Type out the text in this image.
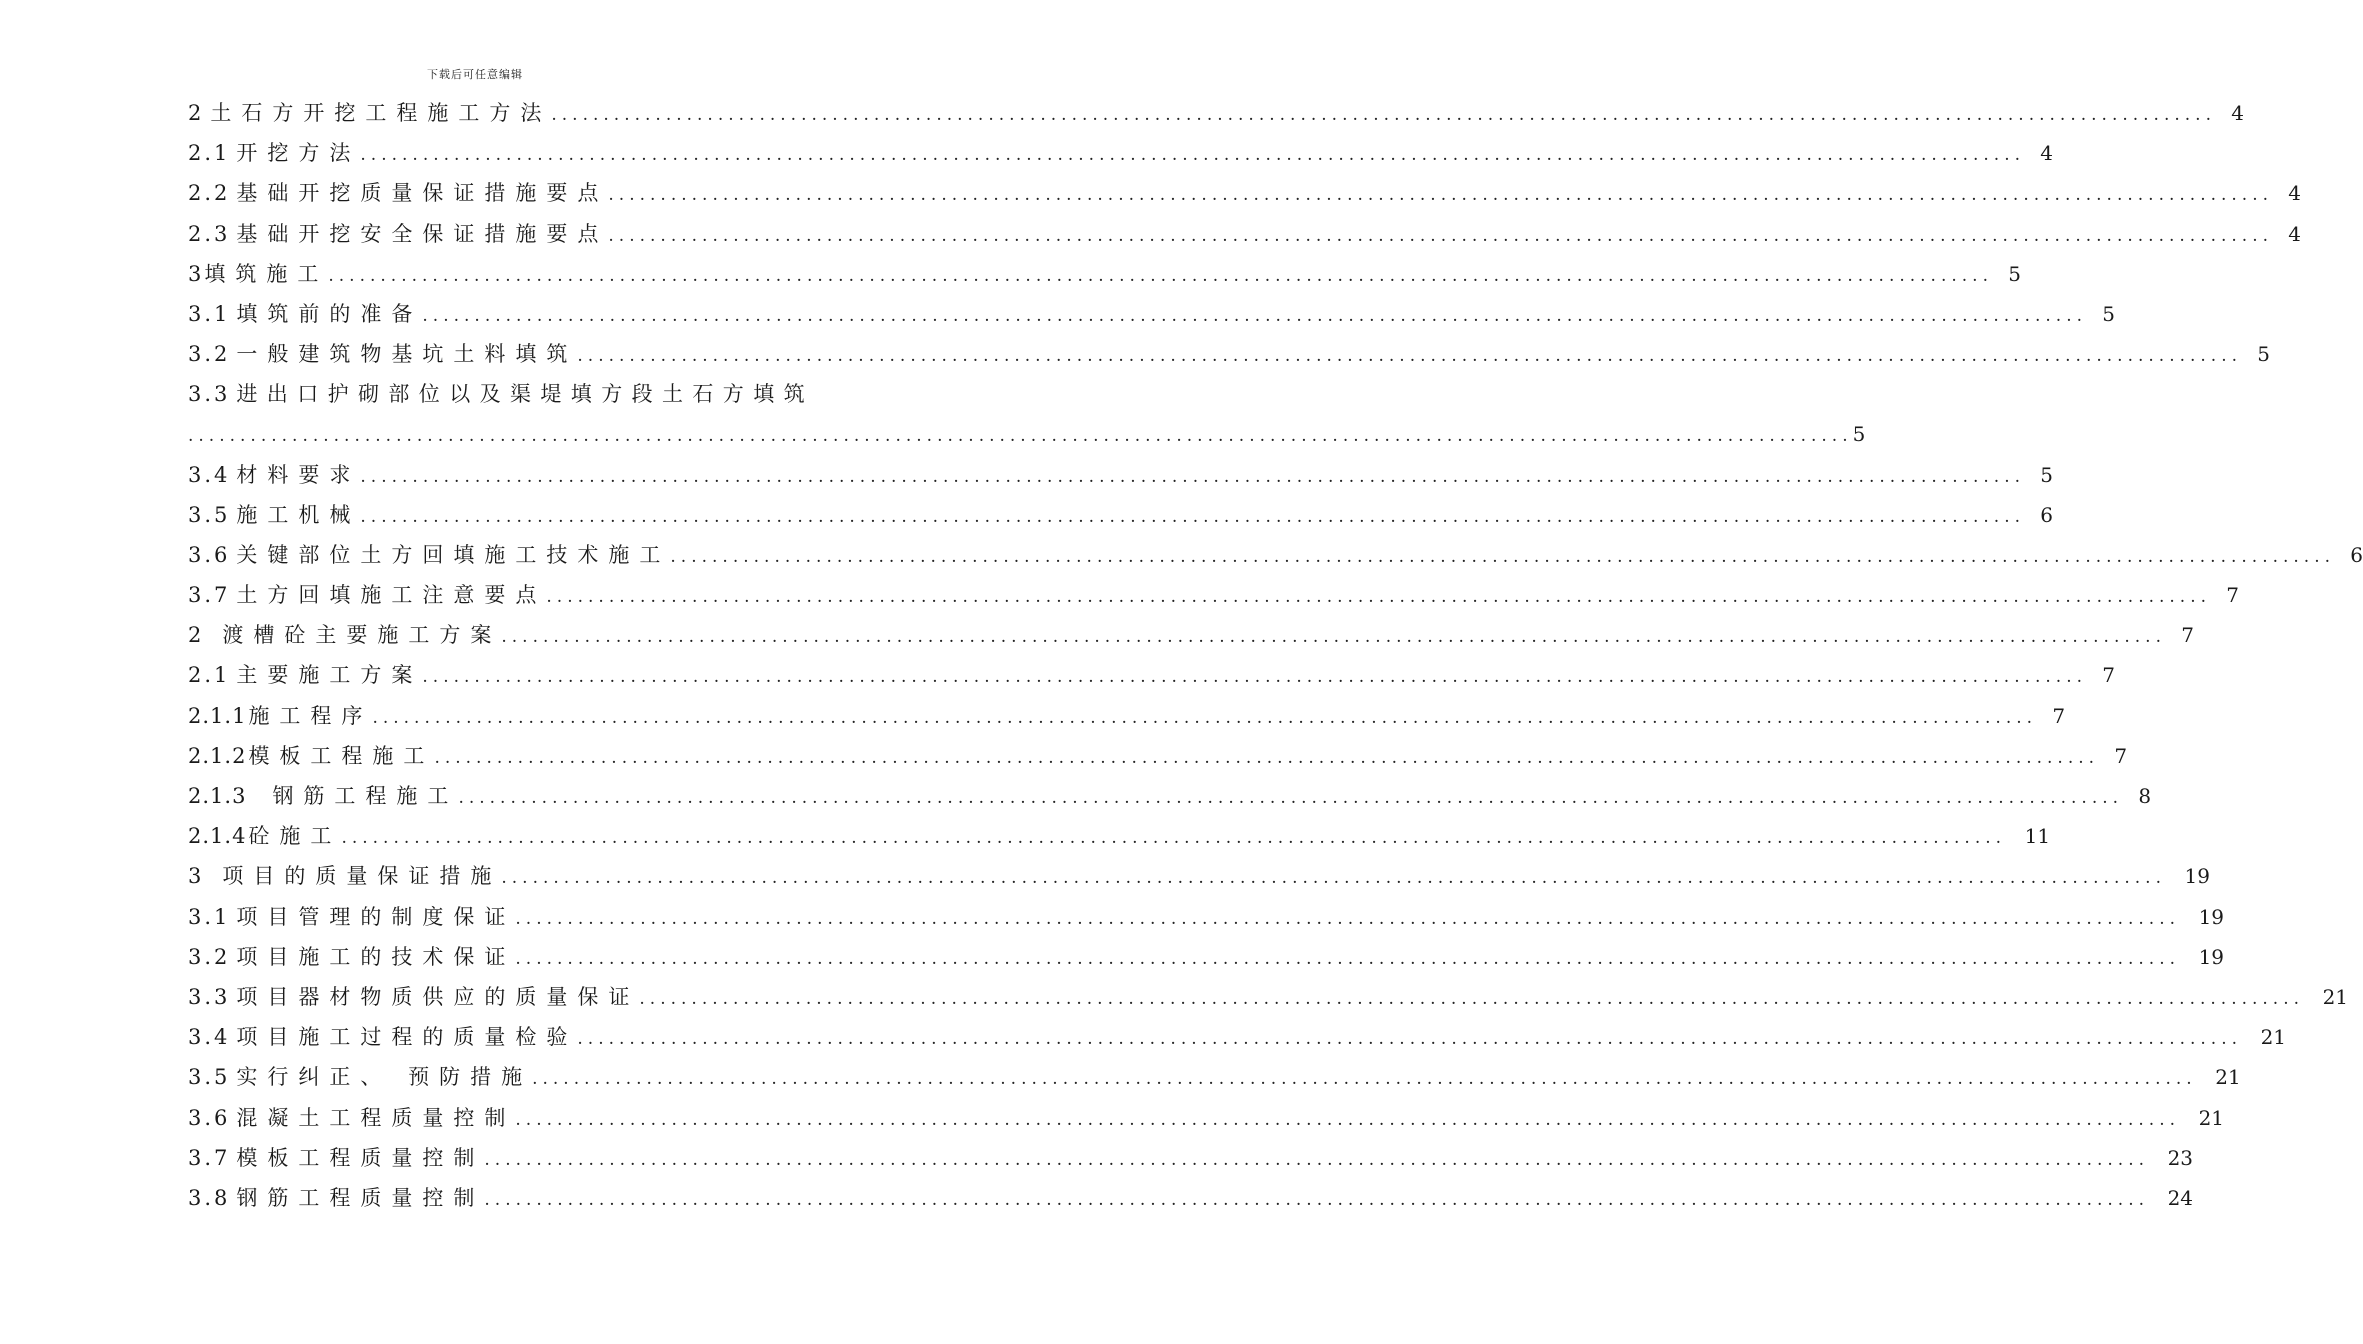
下载后可任意编辑
2 土石方开挖工程施工方法 ................................................................................................................................................................ 4
2.1 开挖方法 ................................................................................................................................................................ 4
2.2 基础开挖质量保证措施要点 ................................................................................................................................................................ 4
2.3 基础开挖安全保证措施要点 ................................................................................................................................................................ 4
3 填筑施工 ................................................................................................................................................................ 5
3.1 填筑前的准备 ................................................................................................................................................................ 5
3.2 一般建筑物基坑土料填筑 ................................................................................................................................................................ 5
3.3 进出口护砌部位以及渠堤填方段土石方填筑
................................................................................................................................................................ 5
3.4 材料要求 ................................................................................................................................................................ 5
3.5 施工机械 ................................................................................................................................................................ 6
3.6 关键部位土方回填施工技术施工 ................................................................................................................................................................ 6
3.7 土方回填施工注意要点 ................................................................................................................................................................ 7
2 渡槽砼主要施工方案 ................................................................................................................................................................ 7
2.1 主要施工方案 ................................................................................................................................................................ 7
2.1.1 施工程序 ................................................................................................................................................................ 7
2.1.2 模板工程施工 ................................................................................................................................................................ 7
2.1.3	钢筋工程施工 ................................................................................................................................................................ 8
2.1.4 砼施工 ................................................................................................................................................................ 11
3 项目的质量保证措施 ................................................................................................................................................................ 19
3.1 项目管理的制度保证 ................................................................................................................................................................ 19
3.2 项目施工的技术保证 ................................................................................................................................................................ 19
3.3 项目器材物质供应的质量保证 ................................................................................................................................................................ 21
3.4 项目施工过程的质量检验 ................................................................................................................................................................ 21
3.5 实行纠正、 预防措施 ................................................................................................................................................................ 21
3.6 混凝土工程质量控制 ................................................................................................................................................................ 21
3.7 模板工程质量控制 ................................................................................................................................................................ 23
3.8 钢筋工程质量控制 ................................................................................................................................................................ 24
